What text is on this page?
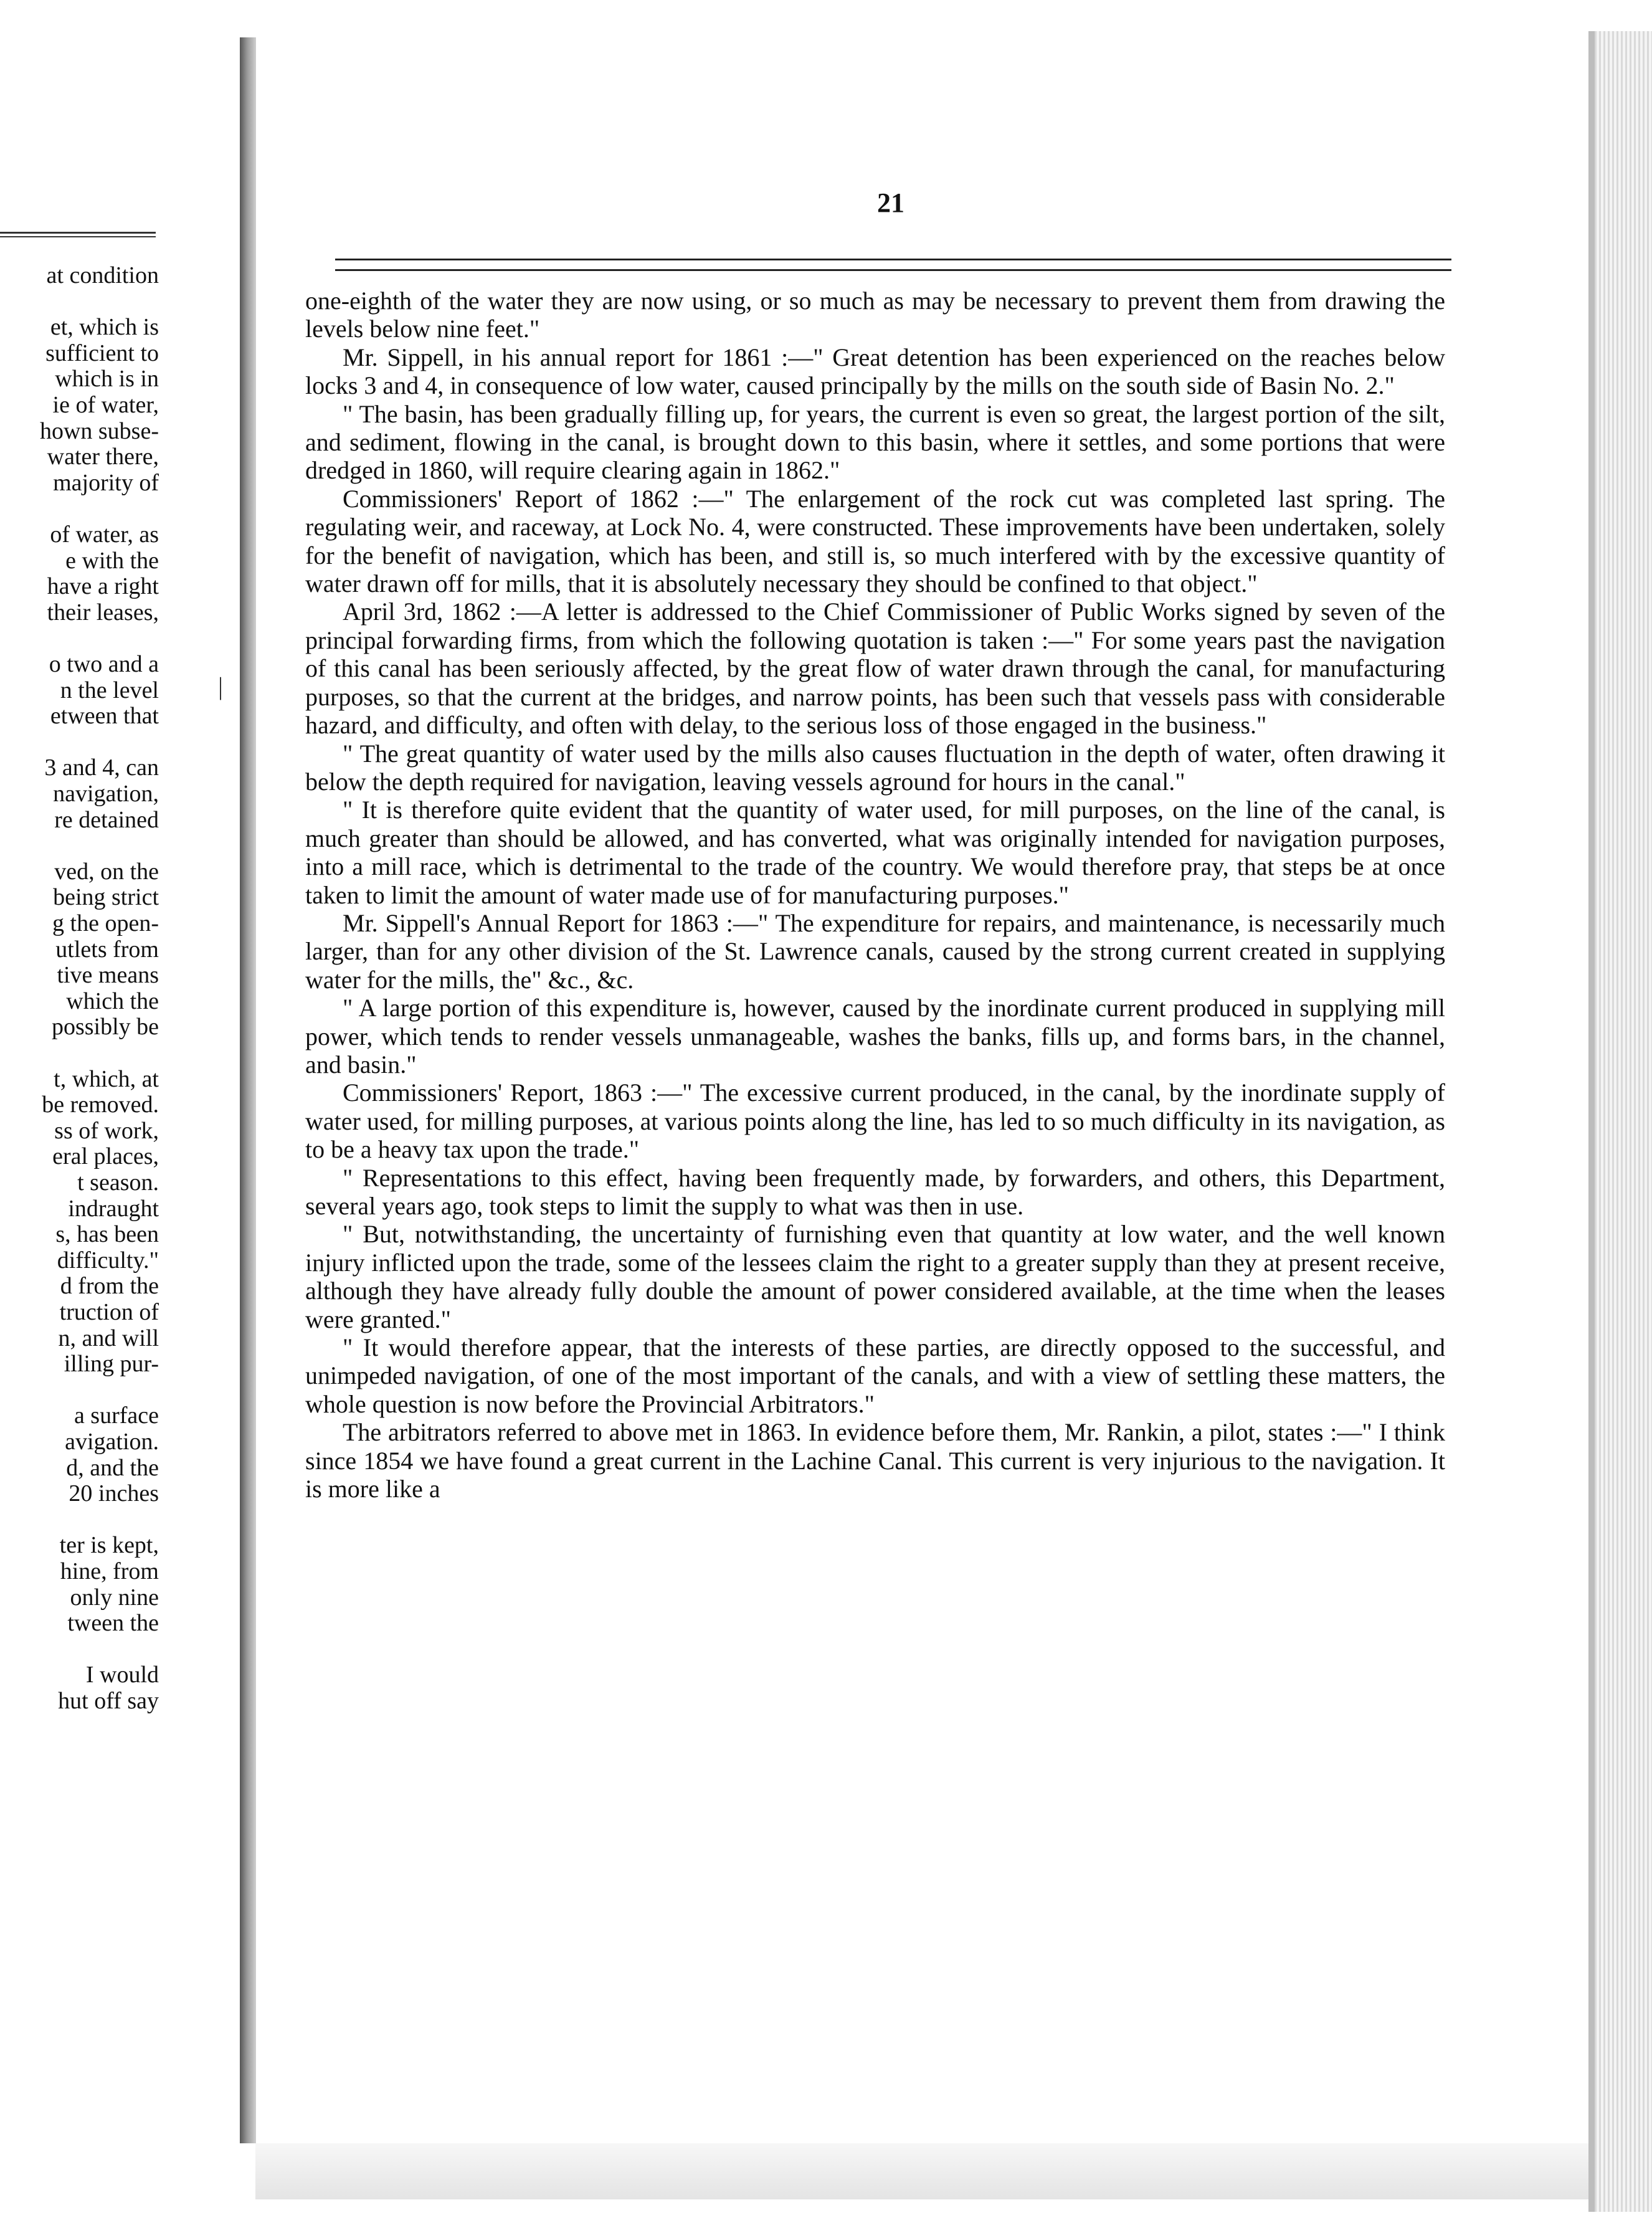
at condition
et, which is
sufficient to
which is in
ie of water,
hown subse-
water there,
majority of
of water, as
e with the
have a right
their leases,
o two and a
n the level
etween that
3 and 4, can
navigation,
re detained
ved, on the
being strict
g the open-
utlets from
tive means
which the
possibly be
t, which, at
be removed.
ss of work,
eral places,
t season.
indraught
s, has been
difficulty."
d from the
truction of
n, and will
illing pur-
a surface
avigation.
d, and the
20 inches
ter is kept,
hine, from
only nine
tween the
I would
hut off say
|
21

one-eighth of the water they are now using, or so much as may be necessary to prevent them from drawing the levels below nine feet."

Mr. Sippell, in his annual report for 1861 :—" Great detention has been experienced on the reaches below locks 3 and 4, in consequence of low water, caused principally by the mills on the south side of Basin No. 2."

" The basin, has been gradually filling up, for years, the current is even so great, the largest portion of the silt, and sediment, flowing in the canal, is brought down to this basin, where it settles, and some portions that were dredged in 1860, will require clearing again in 1862."

Commissioners' Report of 1862 :—" The enlargement of the rock cut was completed last spring. The regulating weir, and raceway, at Lock No. 4, were constructed. These improvements have been undertaken, solely for the benefit of navigation, which has been, and still is, so much interfered with by the excessive quantity of water drawn off for mills, that it is absolutely necessary they should be confined to that object."

April 3rd, 1862 :—A letter is addressed to the Chief Commissioner of Public Works signed by seven of the principal forwarding firms, from which the following quotation is taken :—" For some years past the navigation of this canal has been seriously affected, by the great flow of water drawn through the canal, for manufacturing purposes, so that the current at the bridges, and narrow points, has been such that vessels pass with considerable hazard, and difficulty, and often with delay, to the serious loss of those engaged in the business."

" The great quantity of water used by the mills also causes fluctuation in the depth of water, often drawing it below the depth required for navigation, leaving vessels aground for hours in the canal."

" It is therefore quite evident that the quantity of water used, for mill purposes, on the line of the canal, is much greater than should be allowed, and has converted, what was originally intended for navigation purposes, into a mill race, which is detrimental to the trade of the country. We would therefore pray, that steps be at once taken to limit the amount of water made use of for manufacturing purposes."

Mr. Sippell's Annual Report for 1863 :—" The expenditure for repairs, and maintenance, is necessarily much larger, than for any other division of the St. Lawrence canals, caused by the strong current created in supplying water for the mills, the" &c., &c.

" A large portion of this expenditure is, however, caused by the inordinate current produced in supplying mill power, which tends to render vessels unmanageable, washes the banks, fills up, and forms bars, in the channel, and basin."

Commissioners' Report, 1863 :—" The excessive current produced, in the canal, by the inordinate supply of water used, for milling purposes, at various points along the line, has led to so much difficulty in its navigation, as to be a heavy tax upon the trade."

" Representations to this effect, having been frequently made, by forwarders, and others, this Department, several years ago, took steps to limit the supply to what was then in use.

" But, notwithstanding, the uncertainty of furnishing even that quantity at low water, and the well known injury inflicted upon the trade, some of the lessees claim the right to a greater supply than they at present receive, although they have already fully double the amount of power considered available, at the time when the leases were granted."

" It would therefore appear, that the interests of these parties, are directly opposed to the successful, and unimpeded navigation, of one of the most important of the canals, and with a view of settling these matters, the whole question is now before the Provincial Arbitrators."

The arbitrators referred to above met in 1863. In evidence before them, Mr. Rankin, a pilot, states :—" I think since 1854 we have found a great current in the Lachine Canal. This current is very injurious to the navigation. It is more like a
